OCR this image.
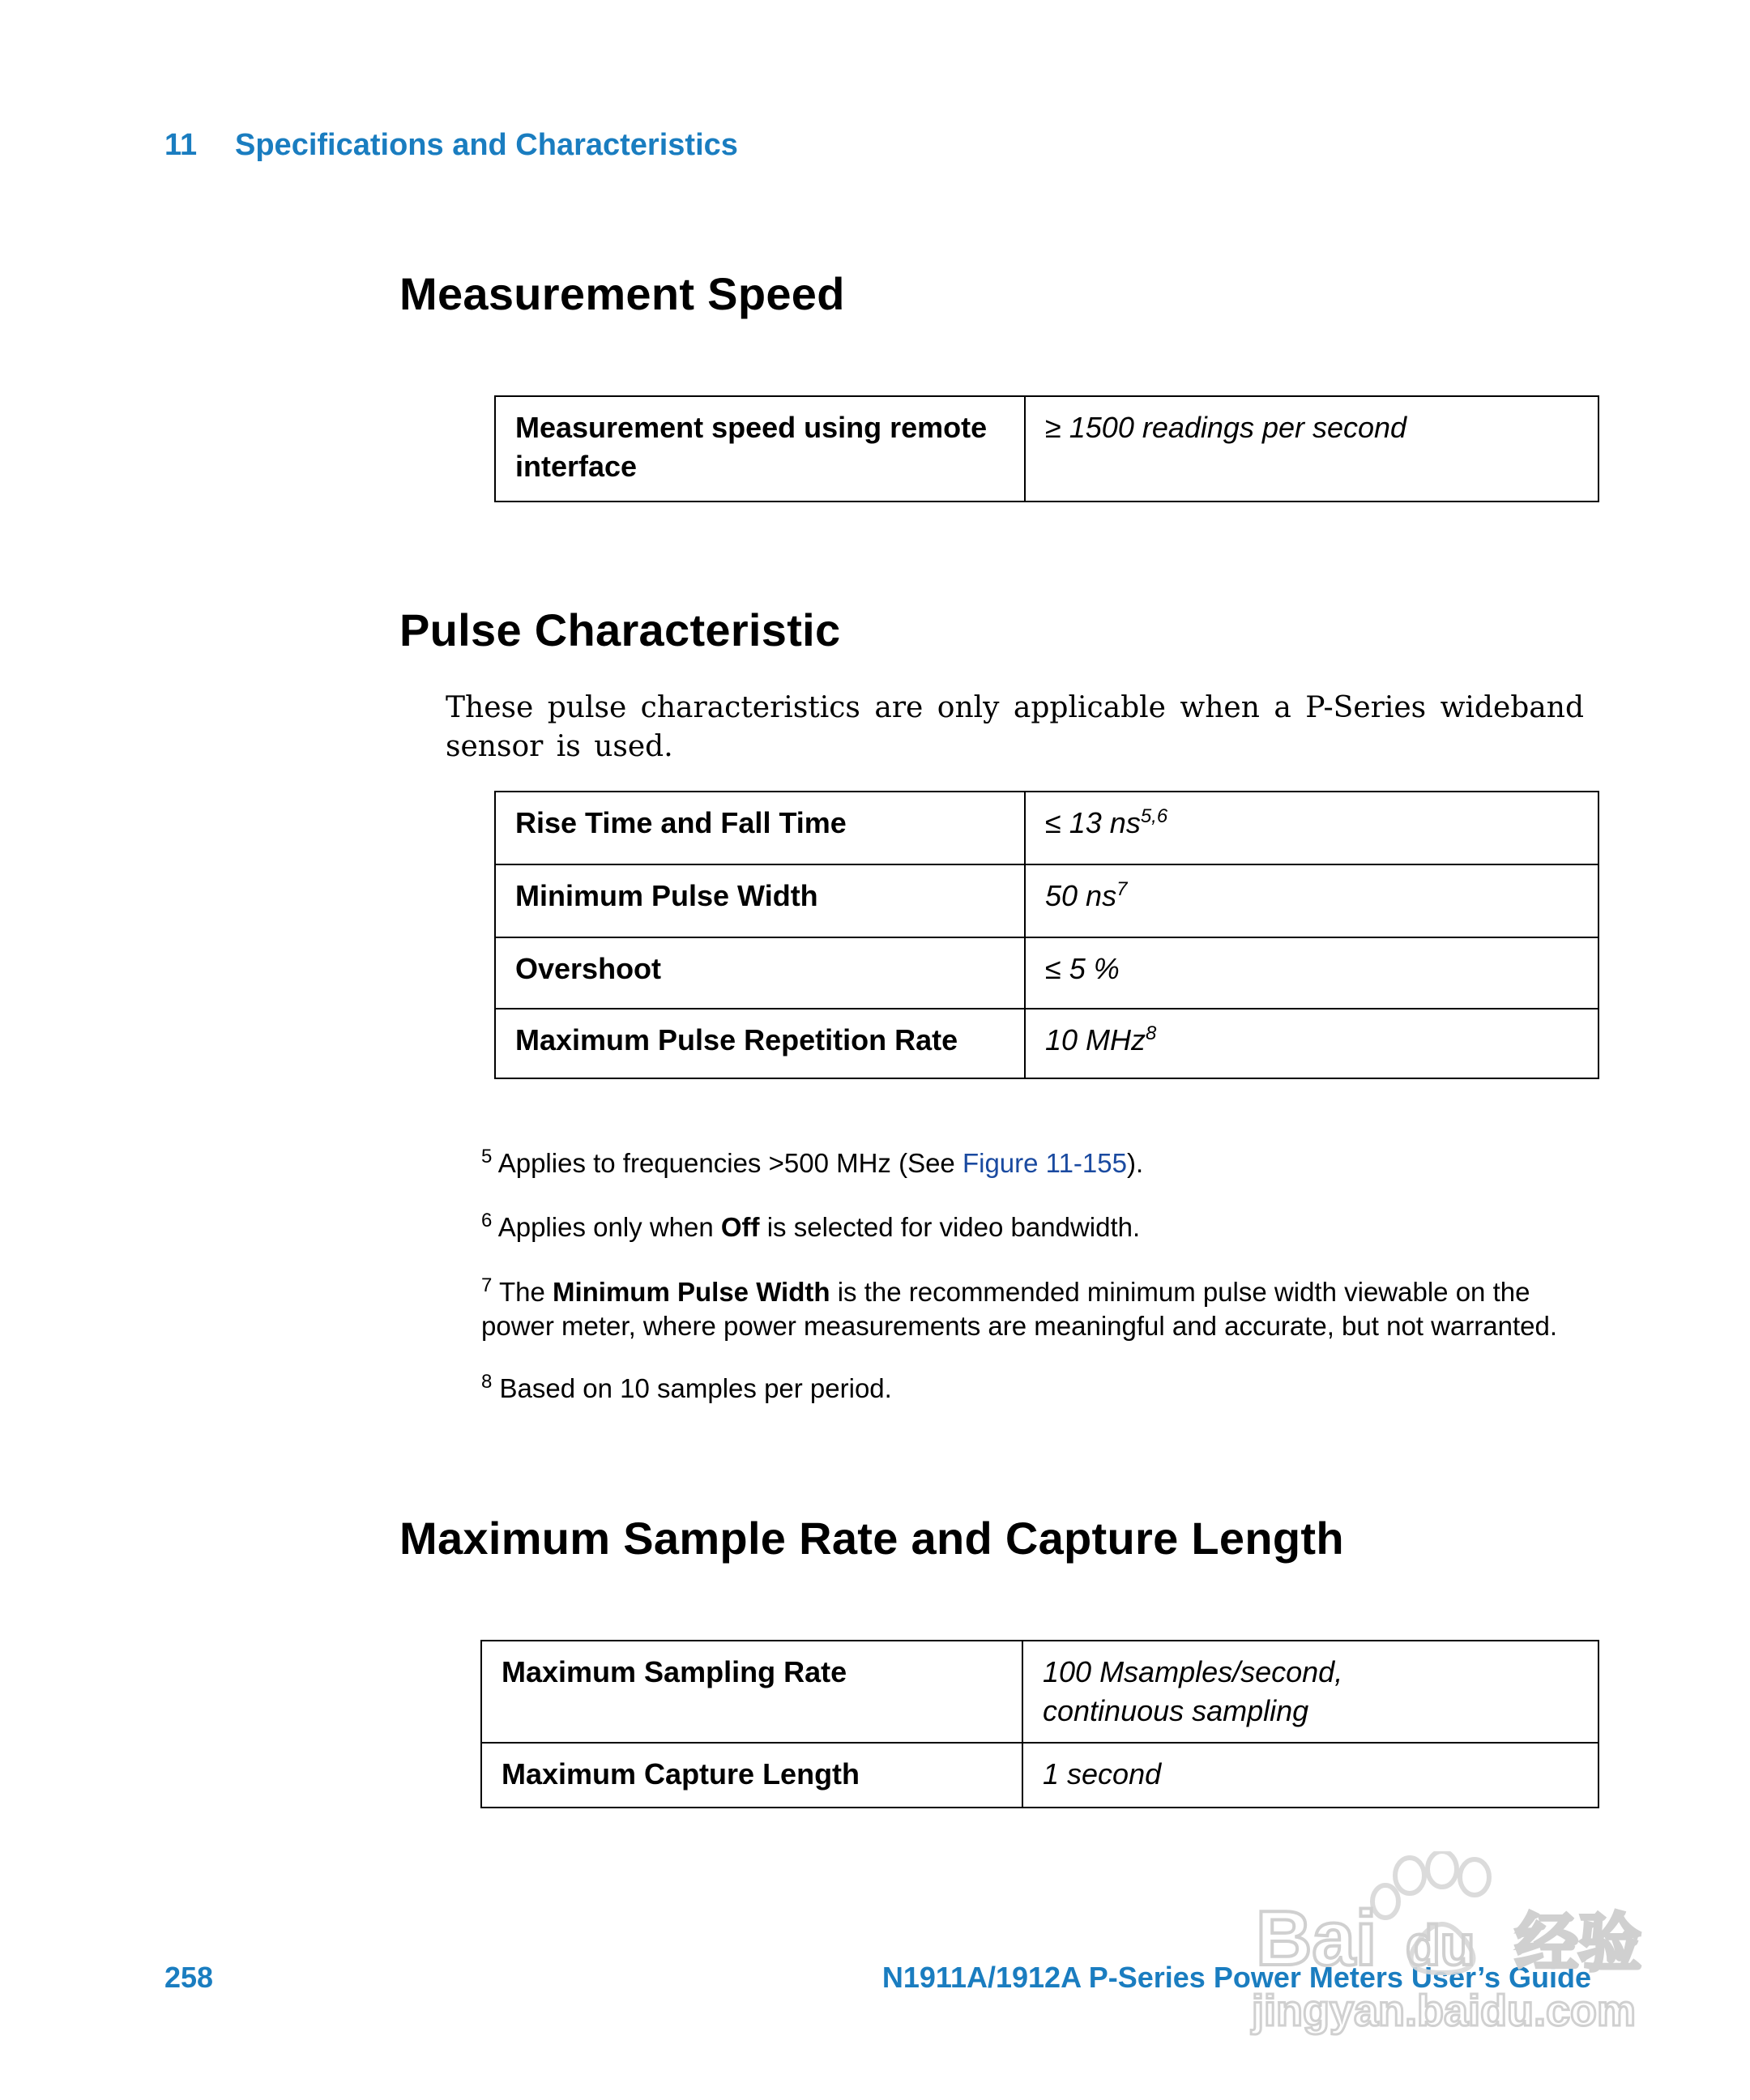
11 Specifications and Characteristics
Measurement Speed
Measurement speed using remote interface	≥ 1500 readings per second
Pulse Characteristic
These pulse characteristics are only applicable when a P-Series wideband sensor is used.
Rise Time and Fall Time	≤ 13 ns$^{5,6}$
Minimum Pulse Width	50 $ns^7$
Overshoot	≤ 5 %
Maximum Pulse Repetition Rate	10 MHz$^8$
$^5$ Applies to frequencies >500 MHz (See Figure 11-155).
$^6$ Applies only when Off is selected for video bandwidth.
$^7$ The Minimum Pulse Width is the recommended minimum pulse width viewable on the power meter, where power measurements are meaningful and accurate, but not warranted.
$^8$ Based on 10 samples per period.
Maximum Sample Rate and Capture Length
Maximum Sampling Rate	100 Msamples/second,
continuous sampling

Maximum Capture Length	1 second
258	N1911A/1912A P-Series Power Meters User’s Guide
Bai du 经验
jingyan.baidu.com
